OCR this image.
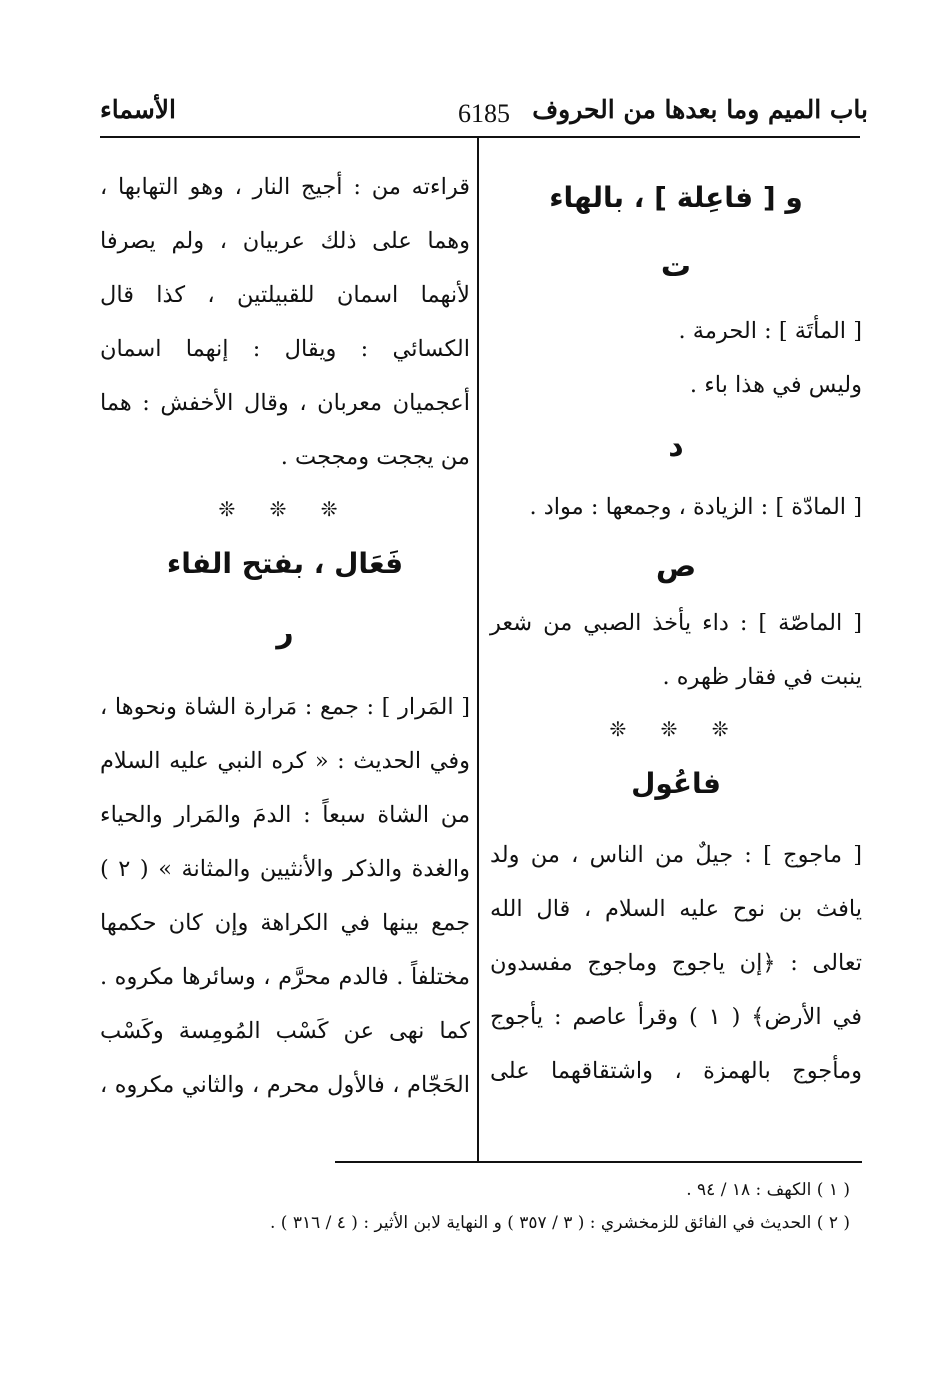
باب الميم وما بعدها من الحروف
6185
الأسماء
و [ فاعِلة ] ، بالهاء
ت
[ المأتَة ] : الحرمة .
وليس في هذا باء .
د
[ المادّة ] : الزيادة ، وجمعها : مواد .
ص
[ الماصّة ] : داء يأخذ الصبي من شعر
ينبت في فقار ظهره .
❊ ❊ ❊
فاعُول
[ ماجوج ] : جيلٌ من الناس ، من ولد
يافث بن نوح عليه السلام ، قال الله
تعالى : ﴿إن ياجوج وماجوج مفسدون
في الأرض﴾ ( ١ ) وقرأ عاصم : يأجوج
ومأجوج بالهمزة ، واشتقاقهما على
قراءته من : أجيج النار ، وهو التهابها ،
وهما على ذلك عربيان ، ولم يصرفا
لأنهما اسمان للقبيلتين ، كذا قال
الكسائي : ويقال : إنهما اسمان
أعجميان معربان ، وقال الأخفش : هما
من يججت ومججت .
❊ ❊ ❊
فَعَال ، بفتح الفاء
ر
[ المَرار ] : جمع : مَرارة الشاة ونحوها ،
وفي الحديث : « كره النبي عليه السلام
من الشاة سبعاً : الدمَ والمَرار والحياء
والغدة والذكر والأنثيين والمثانة » ( ٢ )
جمع بينها في الكراهة وإن كان حكمها
مختلفاً . فالدم محرَّم ، وسائرها مكروه .
كما نهى عن كَسْب المُومِسة وكَسْب
الحَجّام ، فالأول محرم ، والثاني مكروه ،
( ١ ) الكهف : ١٨ / ٩٤ .
( ٢ ) الحديث في الفائق للزمخشري : ( ٣ / ٣٥٧ ) و النهاية لابن الأثير : ( ٤ / ٣١٦ ) .
